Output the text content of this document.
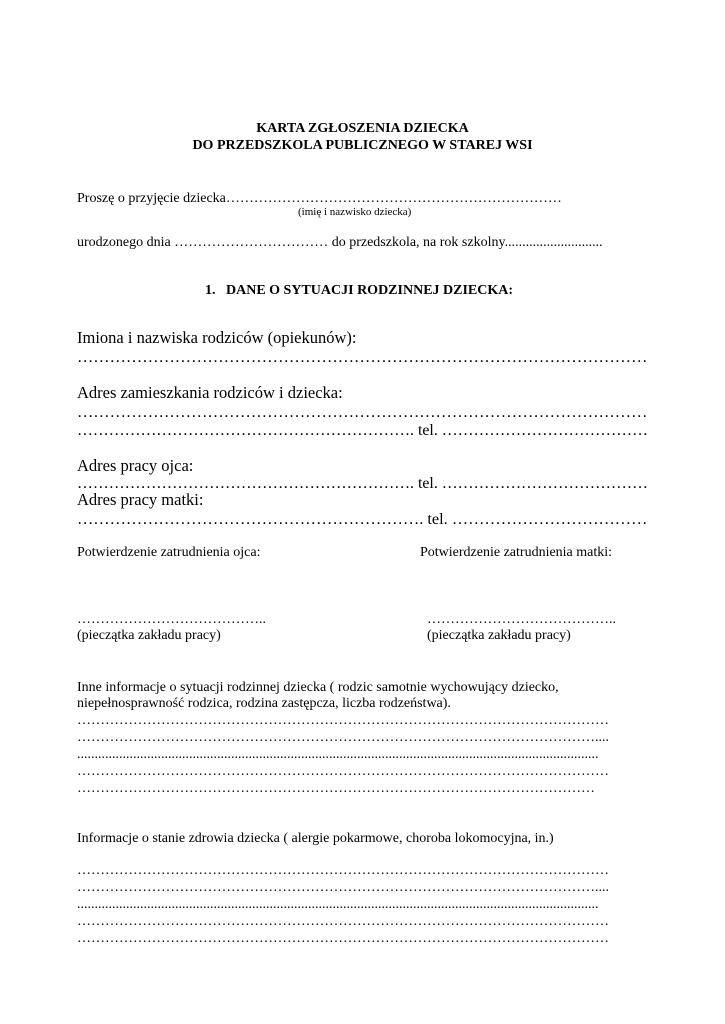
KARTA ZGŁOSZENIA DZIECKA
DO PRZEDSZKOLA PUBLICZNEGO W STAREJ WSI
Proszę o przyjęcie dziecka………………………………………………………………
(imię i nazwisko dziecka)
urodzonego dnia …………………………… do przedszkola, na rok szkolny............................
1.   DANE O SYTUACJI RODZINNEJ DZIECKA:
Imiona i nazwiska rodziców (opiekunów):
……………………………………………………………………………………………
Adres zamieszkania rodziców i dziecka:
……………………………………………………………………………………………
………………………………………………………. tel. …………………………………
Adres pracy ojca:
………………………………………………………. tel. …………………………………
Adres pracy matki:
………………………………………………………. tel. ………………………………
Potwierdzenie zatrudnienia ojca:	Potwierdzenie zatrudnienia matki:
…………………………………..	…………………………………..
(pieczątka zakładu pracy)	(pieczątka zakładu pracy)
Inne informacje o sytuacji rodzinnej dziecka ( rodzic samotnie wychowujący dziecko,
niepełnosprawność rodzica, rodzina zastępcza, liczba rodzeństwa).
……………………………………………………………………………………………………
…………………………………………………………………………………………………....
.....................................................................................................................................................
……………………………………………………………………………………………………
…………………………………………………………………………………………………
Informacje o stanie zdrowia dziecka ( alergie pokarmowe, choroba lokomocyjna, in.)
……………………………………………………………………………………………………
…………………………………………………………………………………………………....
.....................................................................................................................................................
……………………………………………………………………………………………………
……………………………………………………………………………………………………
